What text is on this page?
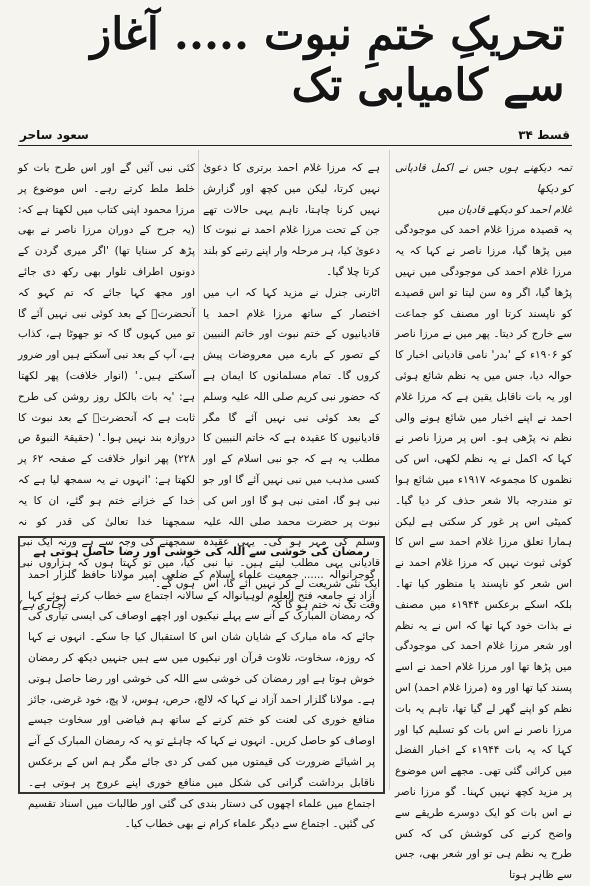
تحریکِ ختمِ نبوت ..... آغاز سے کامیابی تک
قسط ۳۴
سعود ساحر

تمہ دیکھنے ہوں جس نے اکمل قادیانی کو دیکھا

غلام احمد کو دیکھے قادیان میں

یہ قصیدہ مرزا غلام احمد کی موجودگی میں پڑھا گیا، مرزا ناصر نے کہا کہ یہ مرزا غلام احمد کی موجودگی میں نہیں پڑھا گیا، اگر وہ سن لیتا تو اس قصیدے کو ناپسند کرتا اور مصنف کو جماعت سے خارج کر دیتا۔ پھر میں نے مرزا ناصر کو ۱۹۰۶ء کے 'بدر' نامی قادیانی اخبار کا حوالہ دیا، جس میں یہ نظم شائع ہوئی اور یہ بات ناقابل یقین ہے کہ مرزا غلام احمد نے اپنے اخبار میں شائع ہونے والی نظم نہ پڑھی ہو۔ اس پر مرزا ناصر نے کہا کہ اکمل نے یہ نظم لکھی، اس کی نظموں کا مجموعہ ۱۹۱۷ء میں شائع ہوا تو مندرجہ بالا شعر حذف کر دیا گیا۔ کمیٹی اس پر غور کر سکتی ہے لیکن ہمارا تعلق مرزا غلام احمد سے اس کا کوئی ثبوت نہیں کہ مرزا غلام احمد نے اس شعر کو ناپسند یا منظور کیا تھا۔ بلکہ اسکے برعکس ۱۹۴۴ء میں مصنف نے بذات خود کہا تھا کہ اس نے یہ نظم اور شعر مرزا غلام احمد کی موجودگی میں پڑھا تھا اور مرزا غلام احمد نے اسے پسند کیا تھا اور وہ (مرزا غلام احمد) اس نظم کو اپنے گھر لے گیا تھا، تاہم یہ بات مرزا ناصر نے اس بات کو تسلیم کیا اور کہا کہ یہ بات ۱۹۴۴ء کے اخبار الفضل میں کرائی گئی تھی۔ مجھے اس موضوع پر مزید کچھ نہیں کہنا۔ گو مرزا ناصر نے اس بات کو ایک دوسرے طریقے سے واضح کرنے کی کوشش کی کہ کس طرح یہ نظم ہی تو اور شعر بھی، جس سے ظاہر ہوتا

ہے کہ مرزا غلام احمد برتری کا دعویٰ نہیں کرتا، لیکن میں کچھ اور گزارش نہیں کرنا چاہتا، تاہم یہی حالات تھے جن کے تحت مرزا غلام احمد نے نبوت کا دعویٰ کیا، ہر مرحلہ وار اپنے رتبے کو بلند کرتا چلا گیا۔

اٹارنی جنرل نے مزید کہا کہ اب میں اختصار کے ساتھ مرزا غلام احمد یا قادیانیوں کے ختم نبوت اور خاتم النبیین کے تصور کے بارے میں معروضات پیش کروں گا۔ تمام مسلمانوں کا ایمان ہے کہ حضور نبی کریم صلی اللہ علیہ وسلم کے بعد کوئی نبی نہیں آئے گا مگر قادیانیوں کا عقیدہ ہے کہ خاتم النبیین کا مطلب یہ ہے کہ جو نبی اسلام کے اور کسی مذہب میں نبی نہیں آئے گا اور جو نبی ہو گا، امتی نبی ہو گا اور اس کی نبوت پر حضرت محمد صلی اللہ علیہ وسلم کی مہر ہو گی۔ یہی عقیدہ قادیانی یہی مطلب لیتے ہیں۔ نیا نبی ایک نئی شریعت لے کر نہیں آئے گا، اس وقت تک نہ ختم ہو گا کہ

کئی نبی آئیں گے اور اس طرح بات کو خلط ملط کرتے رہے۔ اس موضوع پر مرزا محمود اپنی کتاب میں لکھتا ہے کہ: (یہ جرح کے دوران مرزا ناصر نے بھی پڑھ کر سنایا تھا) 'اگر میری گردن کے دونوں اطراف تلوار بھی رکھ دی جائے اور مجھ کہا جائے کہ تم کہو کہ آنحضرتؐ کے بعد کوئی نبی نہیں آئے گا تو میں کہوں گا کہ تو جھوٹا ہے، کذاب ہے، آپ کے بعد نبی آسکتے ہیں اور ضرور آسکتے ہیں۔' (انوار خلافت) پھر لکھتا ہے: 'یہ بات بالکل روز روشن کی طرح ثابت ہے کہ آنحضرتؐ کے بعد نبوت کا دروازہ بند نہیں ہوا۔' (حقیقۃ النبوۃ ص ۲۲۸) پھر انوار خلافت کے صفحہ ۶۲ پر لکھتا ہے: 'انہوں نے یہ سمجھ لیا ہے کہ خدا کے خزانے ختم ہو گئے، ان کا یہ سمجھنا خدا تعالیٰ کی قدر کو نہ سمجھنے کی وجہ سے ہے ورنہ ایک نبی کیا، میں تو کہتا ہوں کہ ہزاروں نبی ہوں گے۔'

(جاری ہے)

رمضان کی خوشی سے اللہ کی خوشی اور رضا حاصل ہوتی ہے
گوجرانوالہ ...... جمعیت علماء اسلام کے ضلعی امیر مولانا حافظ گلزار احمد آزاد نے جامعہ فتح العلوم لوہیانوالہ کے سالانہ اجتماع سے خطاب کرتے ہوئے کہا کہ رمضان المبارک کے آنے سے پہلے نیکیوں اور اچھے اوصاف کی ایسی تیاری کی جائے کہ ماہ مبارک کے شایان شان اس کا استقبال کیا جا سکے۔ انہوں نے کہا کہ روزہ، سخاوت، تلاوت قرآن اور نیکیوں میں سے ہیں جنہیں دیکھ کر رمضان خوش ہوتا ہے اور رمضان کی خوشی سے اللہ کی خوشی اور رضا حاصل ہوتی ہے۔ مولانا گلزار احمد آزاد نے کہا کہ لالچ، حرص، ہوس، لا پچ، خود غرضی، جائز منافع خوری کی لعنت کو ختم کرنے کے ساتھ ہم فیاضی اور سخاوت جیسے اوصاف کو حاصل کریں۔ انہوں نے کہا کہ چاہئے تو یہ کہ رمضان المبارک کے آنے پر اشیائے ضرورت کی قیمتوں میں کمی کر دی جائے مگر ہم اس کے برعکس ناقابل برداشت گرانی کی شکل میں منافع خوری اپنے عروج پر ہوتی ہے۔ اجتماع میں علماء اچھوں کی دستار بندی کی گئی اور طالبات میں اسناد تقسیم کی گئیں۔ اجتماع سے دیگر علماء کرام نے بھی خطاب کیا۔
